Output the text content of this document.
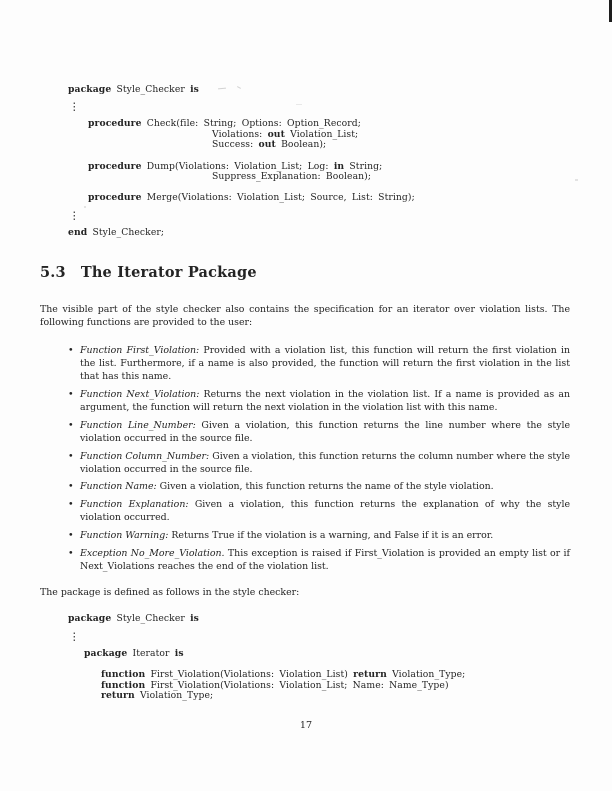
package Style_Checker is
⋮
procedure Check(file: String; Options: Option_Record;
Violations: out Violation_List;
Success: out Boolean);

procedure Dump(Violations: Violation_List; Log: in String;
Suppress_Explanation: Boolean);

procedure Merge(Violations: Violation_List; Source, List: String);
⋮
end Style_Checker;
5.3 The Iterator Package

The visible part of the style checker also contains the specification for an iterator over violation lists. The following functions are provided to the user:

• Function First_Violation: Provided with a violation list, this function will return the first violation in the list. Furthermore, if a name is also provided, the function will return the first violation in the list that has this name.
• Function Next_Violation: Returns the next violation in the violation list. If a name is provided as an argument, the function will return the next violation in the violation list with this name.
• Function Line_Number: Given a violation, this function returns the line number where the style violation occurred in the source file.
• Function Column_Number: Given a violation, this function returns the column number where the style violation occurred in the source file.
• Function Name: Given a violation, this function returns the name of the style violation.
• Function Explanation: Given a violation, this function returns the explanation of why the style violation occurred.
• Function Warning: Returns True if the violation is a warning, and False if it is an error.
• Exception No_More_Violation. This exception is raised if First_Violation is provided an empty list or if Next_Violations reaches the end of the violation list.

The package is defined as follows in the style checker:

package Style_Checker is
⋮
package Iterator is

function First_Violation(Violations: Violation_List) return Violation_Type;
function First_Violation(Violations: Violation_List; Name: Name_Type)
return Violation_Type;
17
